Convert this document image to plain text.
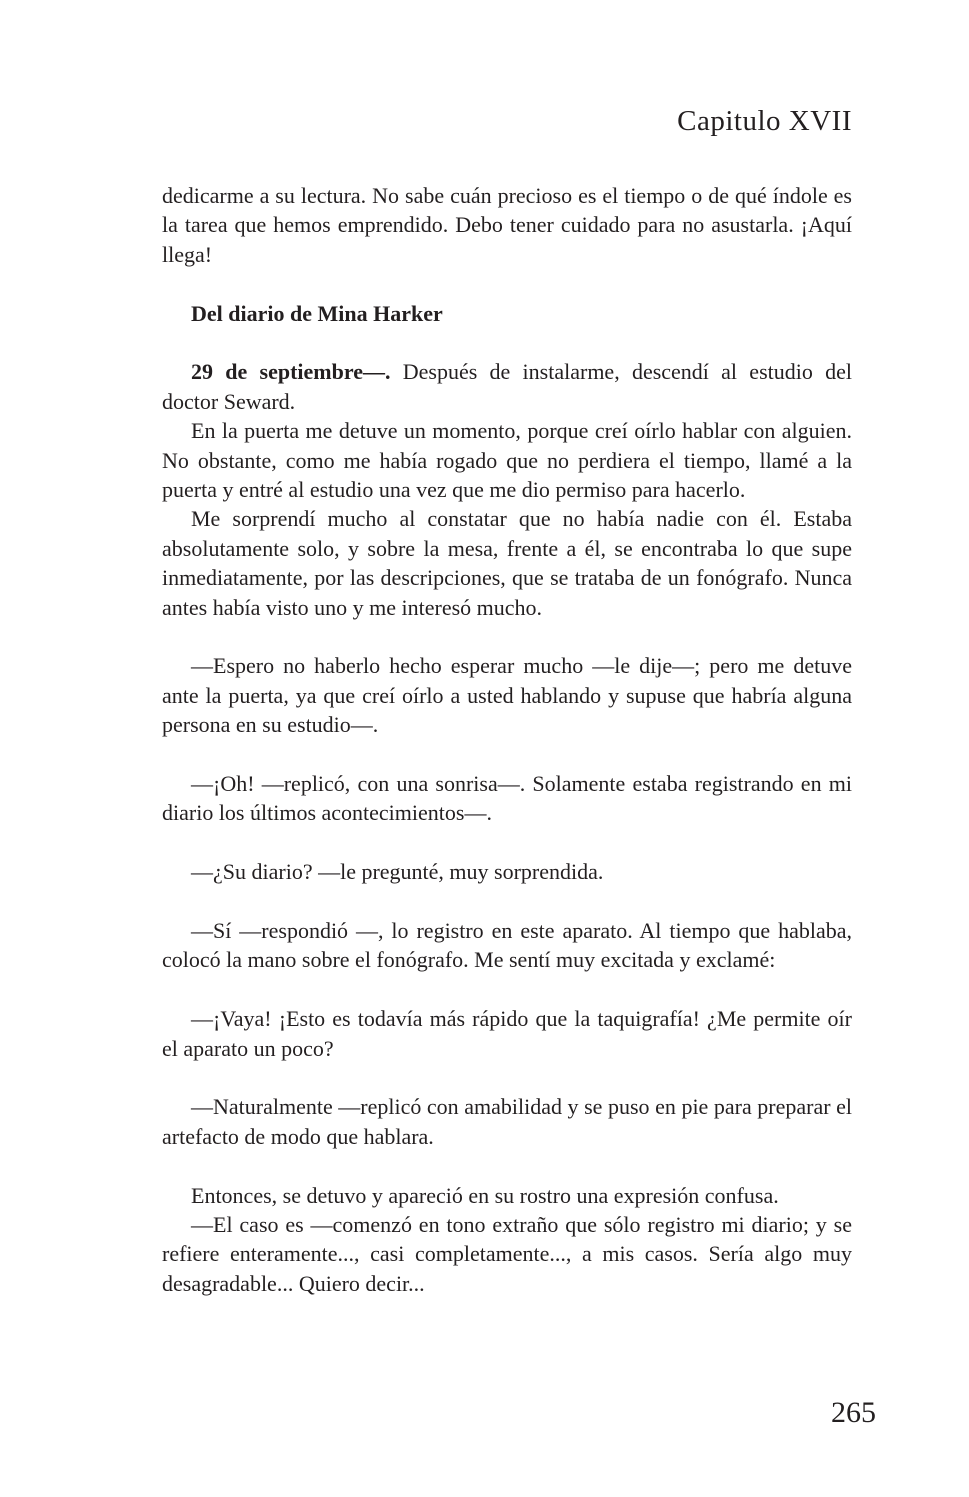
Capitulo XVII

dedicarme a su lectura. No sabe cuán precioso es el tiempo o de qué índole es la tarea que hemos emprendido. Debo tener cuidado para no asustarla. ¡Aquí llega!

Del diario de Mina Harker

29 de septiembre—. Después de instalarme, descendí al estudio del doctor Seward.

En la puerta me detuve un momento, porque creí oírlo hablar con alguien. No obstante, como me había rogado que no perdiera el tiempo, llamé a la puerta y entré al estudio una vez que me dio permiso para hacerlo.

Me sorprendí mucho al constatar que no había nadie con él. Estaba absolutamente solo, y sobre la mesa, frente a él, se encontraba lo que supe inmediatamente, por las descripciones, que se trataba de un fonógrafo. Nunca antes había visto uno y me interesó mucho.

—Espero no haberlo hecho esperar mucho —le dije—; pero me detuve ante la puerta, ya que creí oírlo a usted hablando y supuse que habría alguna persona en su estudio—.

—¡Oh! —replicó, con una sonrisa—. Solamente estaba registrando en mi diario los últimos acontecimientos—.

—¿Su diario? —le pregunté, muy sorprendida.

—Sí —respondió —, lo registro en este aparato. Al tiempo que hablaba, colocó la mano sobre el fonógrafo. Me sentí muy excitada y exclamé:

—¡Vaya! ¡Esto es todavía más rápido que la taquigrafía! ¿Me permite oír el aparato un poco?

—Naturalmente —replicó con amabilidad y se puso en pie para preparar el artefacto de modo que hablara.

Entonces, se detuvo y apareció en su rostro una expresión confusa.

—El caso es —comenzó en tono extraño que sólo registro mi diario; y se refiere enteramente..., casi completamente..., a mis casos. Sería algo muy desagradable... Quiero decir...

265
